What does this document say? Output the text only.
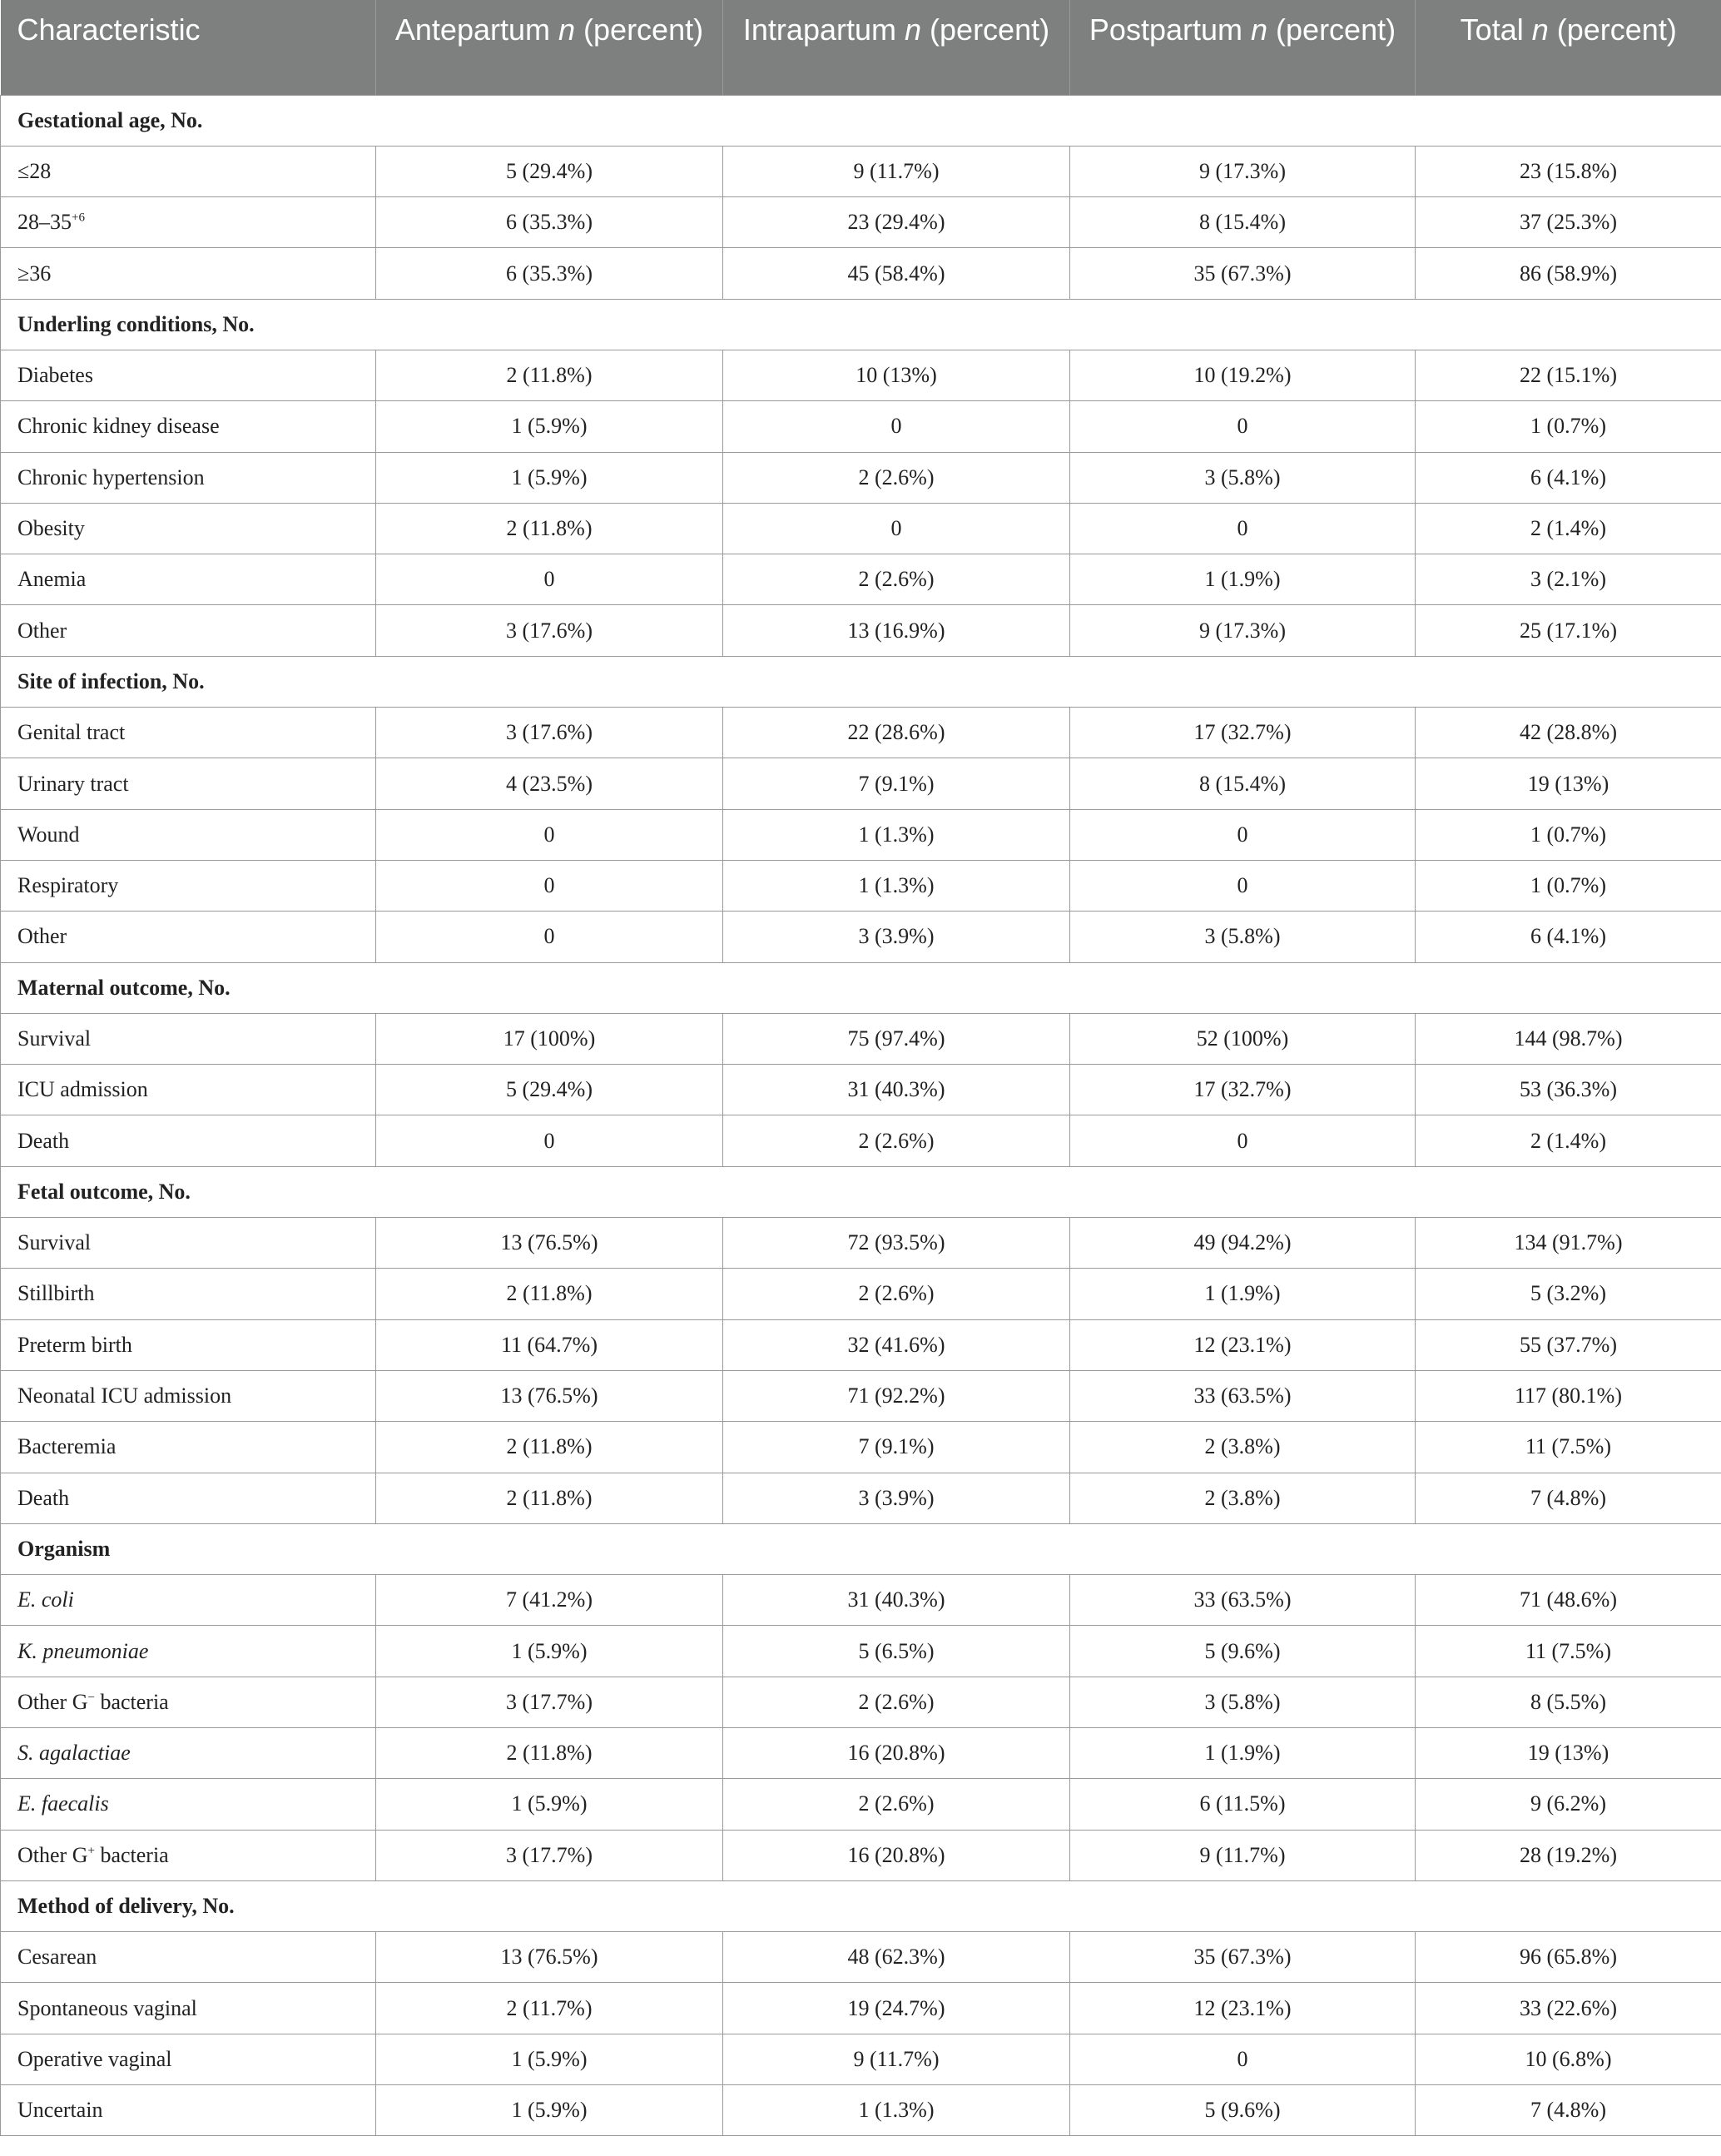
Characteristic	Antepartum n (percent)	Intrapartum n (percent)	Postpartum n (percent)	Total n (percent)
Gestational age, No.				
≤28	5 (29.4%)	9 (11.7%)	9 (17.3%)	23 (15.8%)
$28-35^{+6}$	6 (35.3%)	23 (29.4%)	8 (15.4%)	37 (25.3%)
≥36	6 (35.3%)	45 (58.4%)	35 (67.3%)	86 (58.9%)
Underling conditions, No.				
Diabetes	2 (11.8%)	10 (13%)	10 (19.2%)	22 (15.1%)
Chronic kidney disease	1 (5.9%)	0	0	1 (0.7%)
Chronic hypertension	1 (5.9%)	2 (2.6%)	3 (5.8%)	6 (4.1%)
Obesity	2 (11.8%)	0	0	2 (1.4%)
Anemia	0	2 (2.6%)	1 (1.9%)	3 (2.1%)
Other	3 (17.6%)	13 (16.9%)	9 (17.3%)	25 (17.1%)
Site of infection, No.				
Genital tract	3 (17.6%)	22 (28.6%)	17 (32.7%)	42 (28.8%)
Urinary tract	4 (23.5%)	7 (9.1%)	8 (15.4%)	19 (13%)
Wound	0	1 (1.3%)	0	1 (0.7%)
Respiratory	0	1 (1.3%)	0	1 (0.7%)
Other	0	3 (3.9%)	3 (5.8%)	6 (4.1%)
Maternal outcome, No.				
Survival	17 (100%)	75 (97.4%)	52 (100%)	144 (98.7%)
ICU admission	5 (29.4%)	31 (40.3%)	17 (32.7%)	53 (36.3%)
Death	0	2 (2.6%)	0	2 (1.4%)
Fetal outcome, No.				
Survival	13 (76.5%)	72 (93.5%)	49 (94.2%)	134 (91.7%)
Stillbirth	2 (11.8%)	2 (2.6%)	1 (1.9%)	5 (3.2%)
Preterm birth	11 (64.7%)	32 (41.6%)	12 (23.1%)	55 (37.7%)
Neonatal ICU admission	13 (76.5%)	71 (92.2%)	33 (63.5%)	117 (80.1%)
Bacteremia	2 (11.8%)	7 (9.1%)	2 (3.8%)	11 (7.5%)
Death	2 (11.8%)	3 (3.9%)	2 (3.8%)	7 (4.8%)
Organism				
E. coli	7 (41.2%)	31 (40.3%)	33 (63.5%)	71 (48.6%)
K. pneumoniae	1 (5.9%)	5 (6.5%)	5 (9.6%)	11 (7.5%)
Other G− bacteria	3 (17.7%)	2 (2.6%)	3 (5.8%)	8 (5.5%)
S. agalactiae	2 (11.8%)	16 (20.8%)	1 (1.9%)	19 (13%)
E. faecalis	1 (5.9%)	2 (2.6%)	6 (11.5%)	9 (6.2%)
Other G+ bacteria	3 (17.7%)	16 (20.8%)	9 (11.7%)	28 (19.2%)
Method of delivery, No.				
Cesarean	13 (76.5%)	48 (62.3%)	35 (67.3%)	96 (65.8%)
Spontaneous vaginal	2 (11.7%)	19 (24.7%)	12 (23.1%)	33 (22.6%)
Operative vaginal	1 (5.9%)	9 (11.7%)	0	10 (6.8%)
Uncertain	1 (5.9%)	1 (1.3%)	5 (9.6%)	7 (4.8%)
